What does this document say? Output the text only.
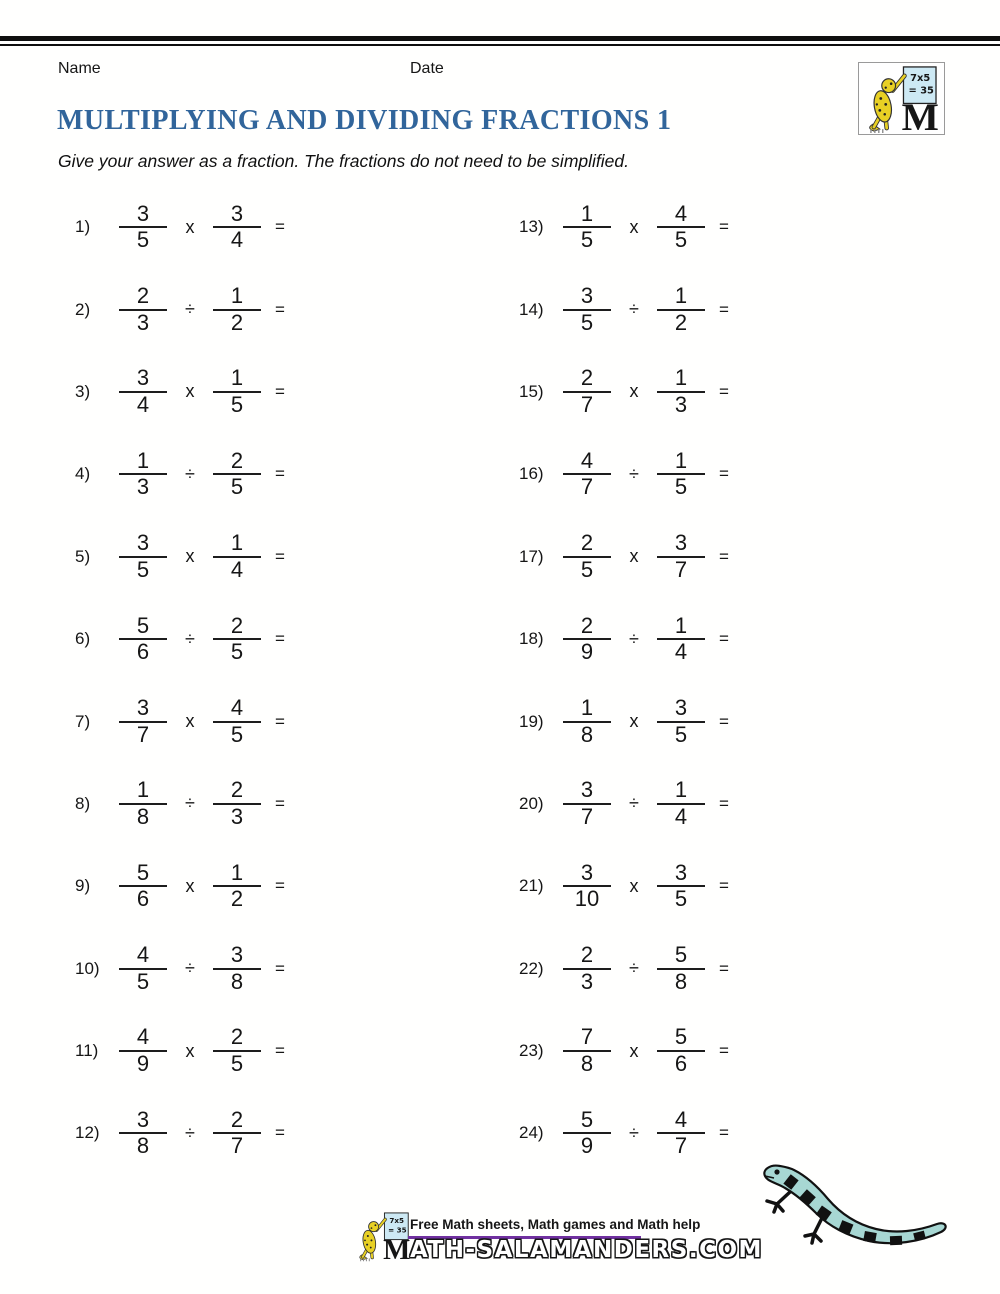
Name	Date
MULTIPLYING AND DIVIDING FRACTIONS 1
Give your answer as a fraction. The fractions do not need to be simplified.
1)	$\frac{3}{5}$	x $\frac{3}{4}$ =
2)	$\frac{2}{3}$	÷ $\frac{1}{2}$ =
3)	$\frac{3}{4}$	x $\frac{1}{5}$ =
4)	$\frac{1}{3}$	÷ $\frac{2}{5}$ =
5)	$\frac{3}{5}$	x $\frac{1}{4}$ =
6)	$\frac{5}{6}$	÷ $\frac{2}{5}$ =
7)	$\frac{3}{7}$	x $\frac{4}{5}$ =
8)	$\frac{1}{8}$	÷ $\frac{2}{3}$ =
9)	$\frac{5}{6}$	x $\frac{1}{2}$ =
$10) \frac{4}{5}$	÷ $\frac{3}{8}$ =
$11) \frac{4}{9}$	x $\frac{2}{5}$ =
$12) \frac{3}{8}$	÷ $\frac{2}{7}$ =
$13) \frac{1}{5}$	x $\frac{4}{5}$ =
$14) \frac{3}{5}$	÷ $\frac{1}{2}$ =
$15) \frac{2}{7}$	x $\frac{1}{3}$ =
$16) \frac{4}{7}$	÷ $\frac{1}{5}$ =
$17) \frac{2}{5}$	x $\frac{3}{7}$ =
$18) \frac{2}{9}$	÷ $\frac{1}{4}$ =
$19) \frac{1}{8}$	x $\frac{3}{5}$ =
$20) \frac{3}{7}$	÷ $\frac{1}{4}$ =
$21) \frac{3}{10}$	x $\frac{3}{5}$ =
$22) \frac{2}{3}$	÷ $\frac{5}{8}$ =
$23) \frac{7}{8}$	x $\frac{5}{6}$ =
$24) \frac{5}{9}$	÷ $\frac{4}{7}$ =
Free Math sheets, Math games and Math help
ATH-SALAMANDERS.COM
